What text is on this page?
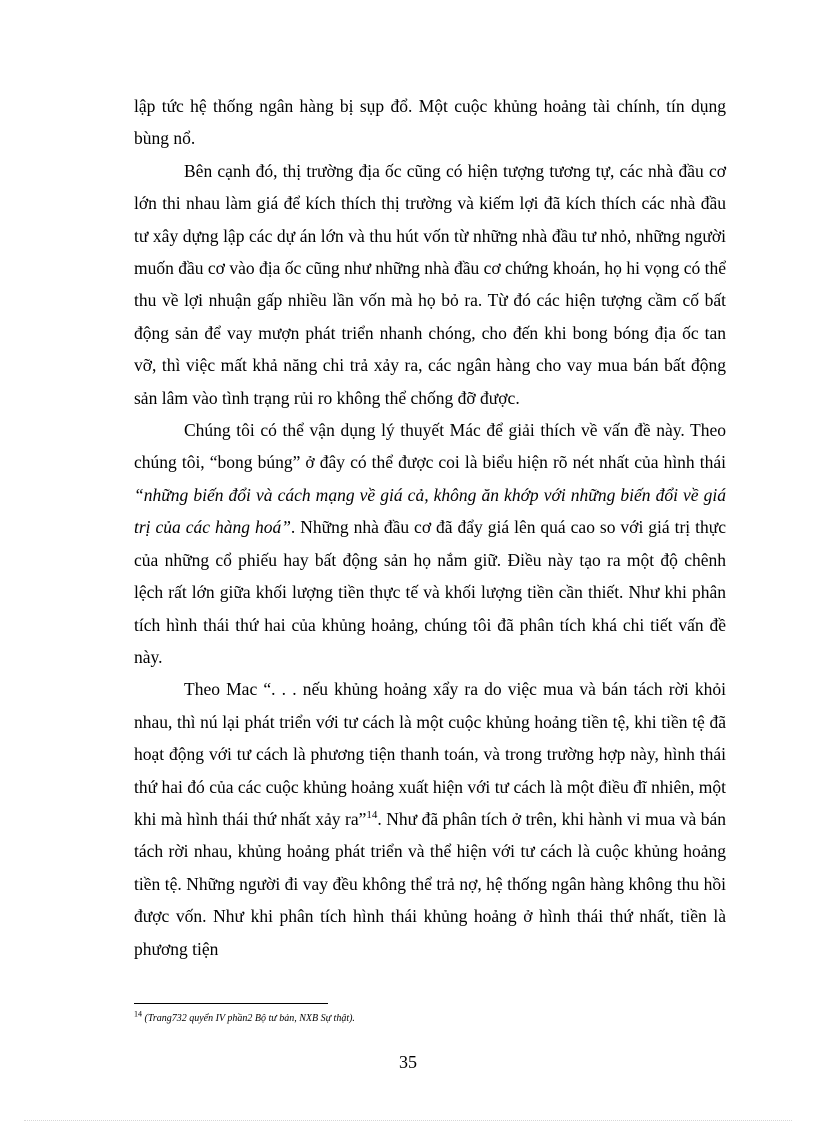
lập tức hệ thống ngân hàng bị sụp đổ. Một cuộc khủng hoảng tài chính, tín dụng bùng nổ.

Bên cạnh đó, thị trường địa ốc cũng có hiện tượng tương tự, các nhà đầu cơ lớn thi nhau làm giá để kích thích thị trường và kiếm lợi đã kích thích các nhà đầu tư xây dựng lập các dự án lớn và thu hút vốn từ những nhà đầu tư nhỏ, những người muốn đầu cơ vào địa ốc cũng như những nhà đầu cơ chứng khoán, họ hi vọng có thể thu về lợi nhuận gấp nhiều lần vốn mà họ bỏ ra. Từ đó các hiện tượng cầm cố bất động sản để vay mượn phát triển nhanh chóng, cho đến khi bong bóng địa ốc tan vỡ, thì việc mất khả năng chi trả xảy ra, các ngân hàng cho vay mua bán bất động sản lâm vào tình trạng rủi ro không thể chống đỡ được.

Chúng tôi có thể vận dụng lý thuyết Mác để giải thích về vấn đề này. Theo chúng tôi, “bong búng” ở đây có thể được coi là biểu hiện rõ nét nhất của hình thái “những biến đổi và cách mạng về giá cả, không ăn khớp với những biến đổi về giá trị của các hàng hoá”. Những nhà đầu cơ đã đẩy giá lên quá cao so với giá trị thực của những cổ phiếu hay bất động sản họ nắm giữ. Điều này tạo ra một độ chênh lệch rất lớn giữa khối lượng tiền thực tế và khối lượng tiền cần thiết. Như khi phân tích hình thái thứ hai của khủng hoảng, chúng tôi đã phân tích khá chi tiết vấn đề này.

Theo Mac “. . . nếu khủng hoảng xẩy ra do việc mua và bán tách rời khỏi nhau, thì nú lại phát triển với tư cách là một cuộc khủng hoảng tiền tệ, khi tiền tệ đã hoạt động với tư cách là phương tiện thanh toán, và trong trường hợp này, hình thái thứ hai đó của các cuộc khủng hoảng xuất hiện với tư cách là một điều đĩ nhiên, một khi mà hình thái thứ nhất xảy ra”$^{14}$. Như đã phân tích ở trên, khi hành vi mua và bán tách rời nhau, khủng hoảng phát triển và thể hiện với tư cách là cuộc khủng hoảng tiền tệ. Những người đi vay đều không thể trả nợ, hệ thống ngân hàng không thu hồi được vốn. Như khi phân tích hình thái khủng hoảng ở hình thái thứ nhất, tiền là phương tiện

$^{14}$ (Trang732 quyển IV phần2 Bộ tư bản, NXB Sự thật).
35
